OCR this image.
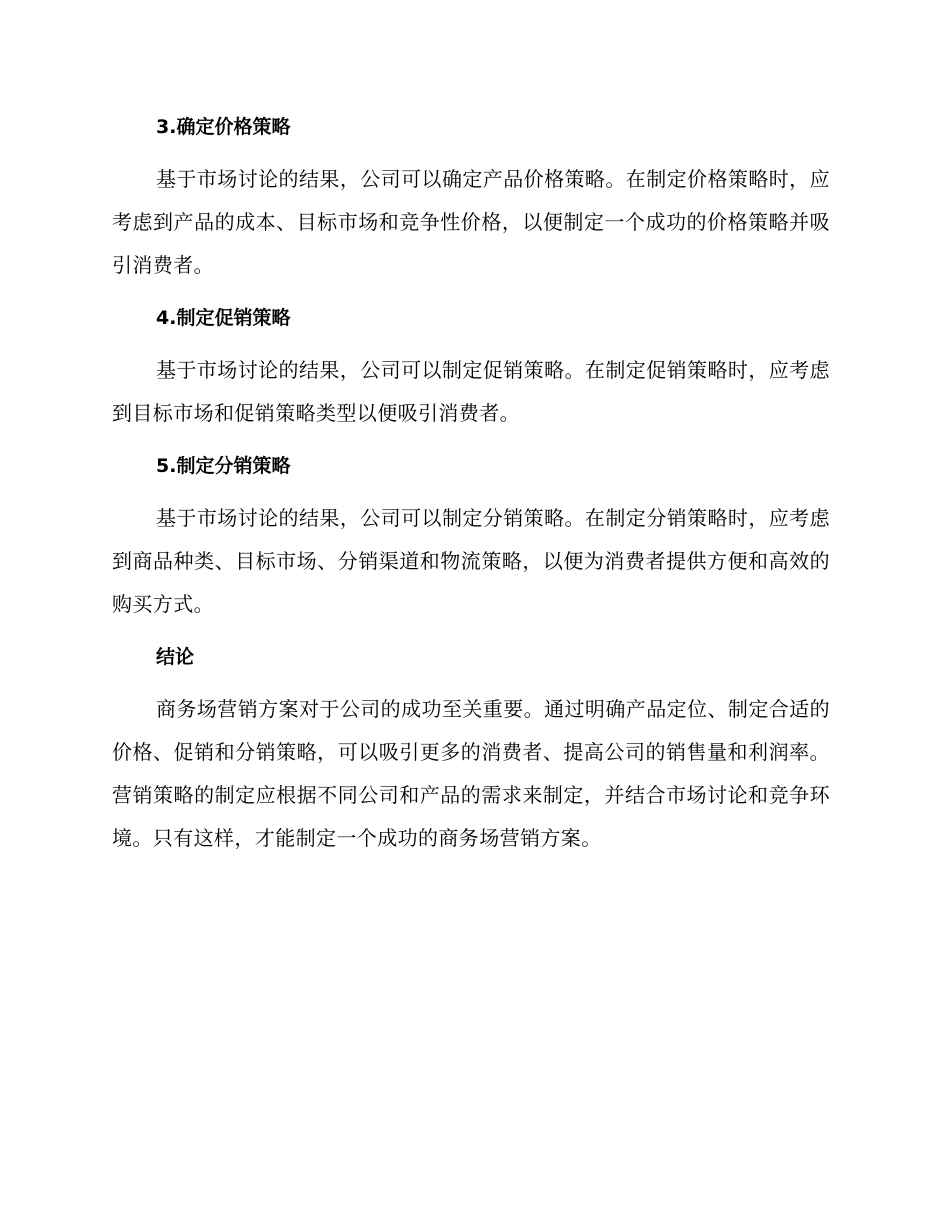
3.确定价格策略

基于市场讨论的结果，公司可以确定产品价格策略。在制定价格策略时，应考虑到产品的成本、目标市场和竞争性价格，以便制定一个成功的价格策略并吸引消费者。

4.制定促销策略

基于市场讨论的结果，公司可以制定促销策略。在制定促销策略时，应考虑到目标市场和促销策略类型以便吸引消费者。

5.制定分销策略

基于市场讨论的结果，公司可以制定分销策略。在制定分销策略时，应考虑到商品种类、目标市场、分销渠道和物流策略，以便为消费者提供方便和高效的购买方式。

结论

商务场营销方案对于公司的成功至关重要。通过明确产品定位、制定合适的价格、促销和分销策略，可以吸引更多的消费者、提高公司的销售量和利润率。营销策略的制定应根据不同公司和产品的需求来制定，并结合市场讨论和竞争环境。只有这样，才能制定一个成功的商务场营销方案。
